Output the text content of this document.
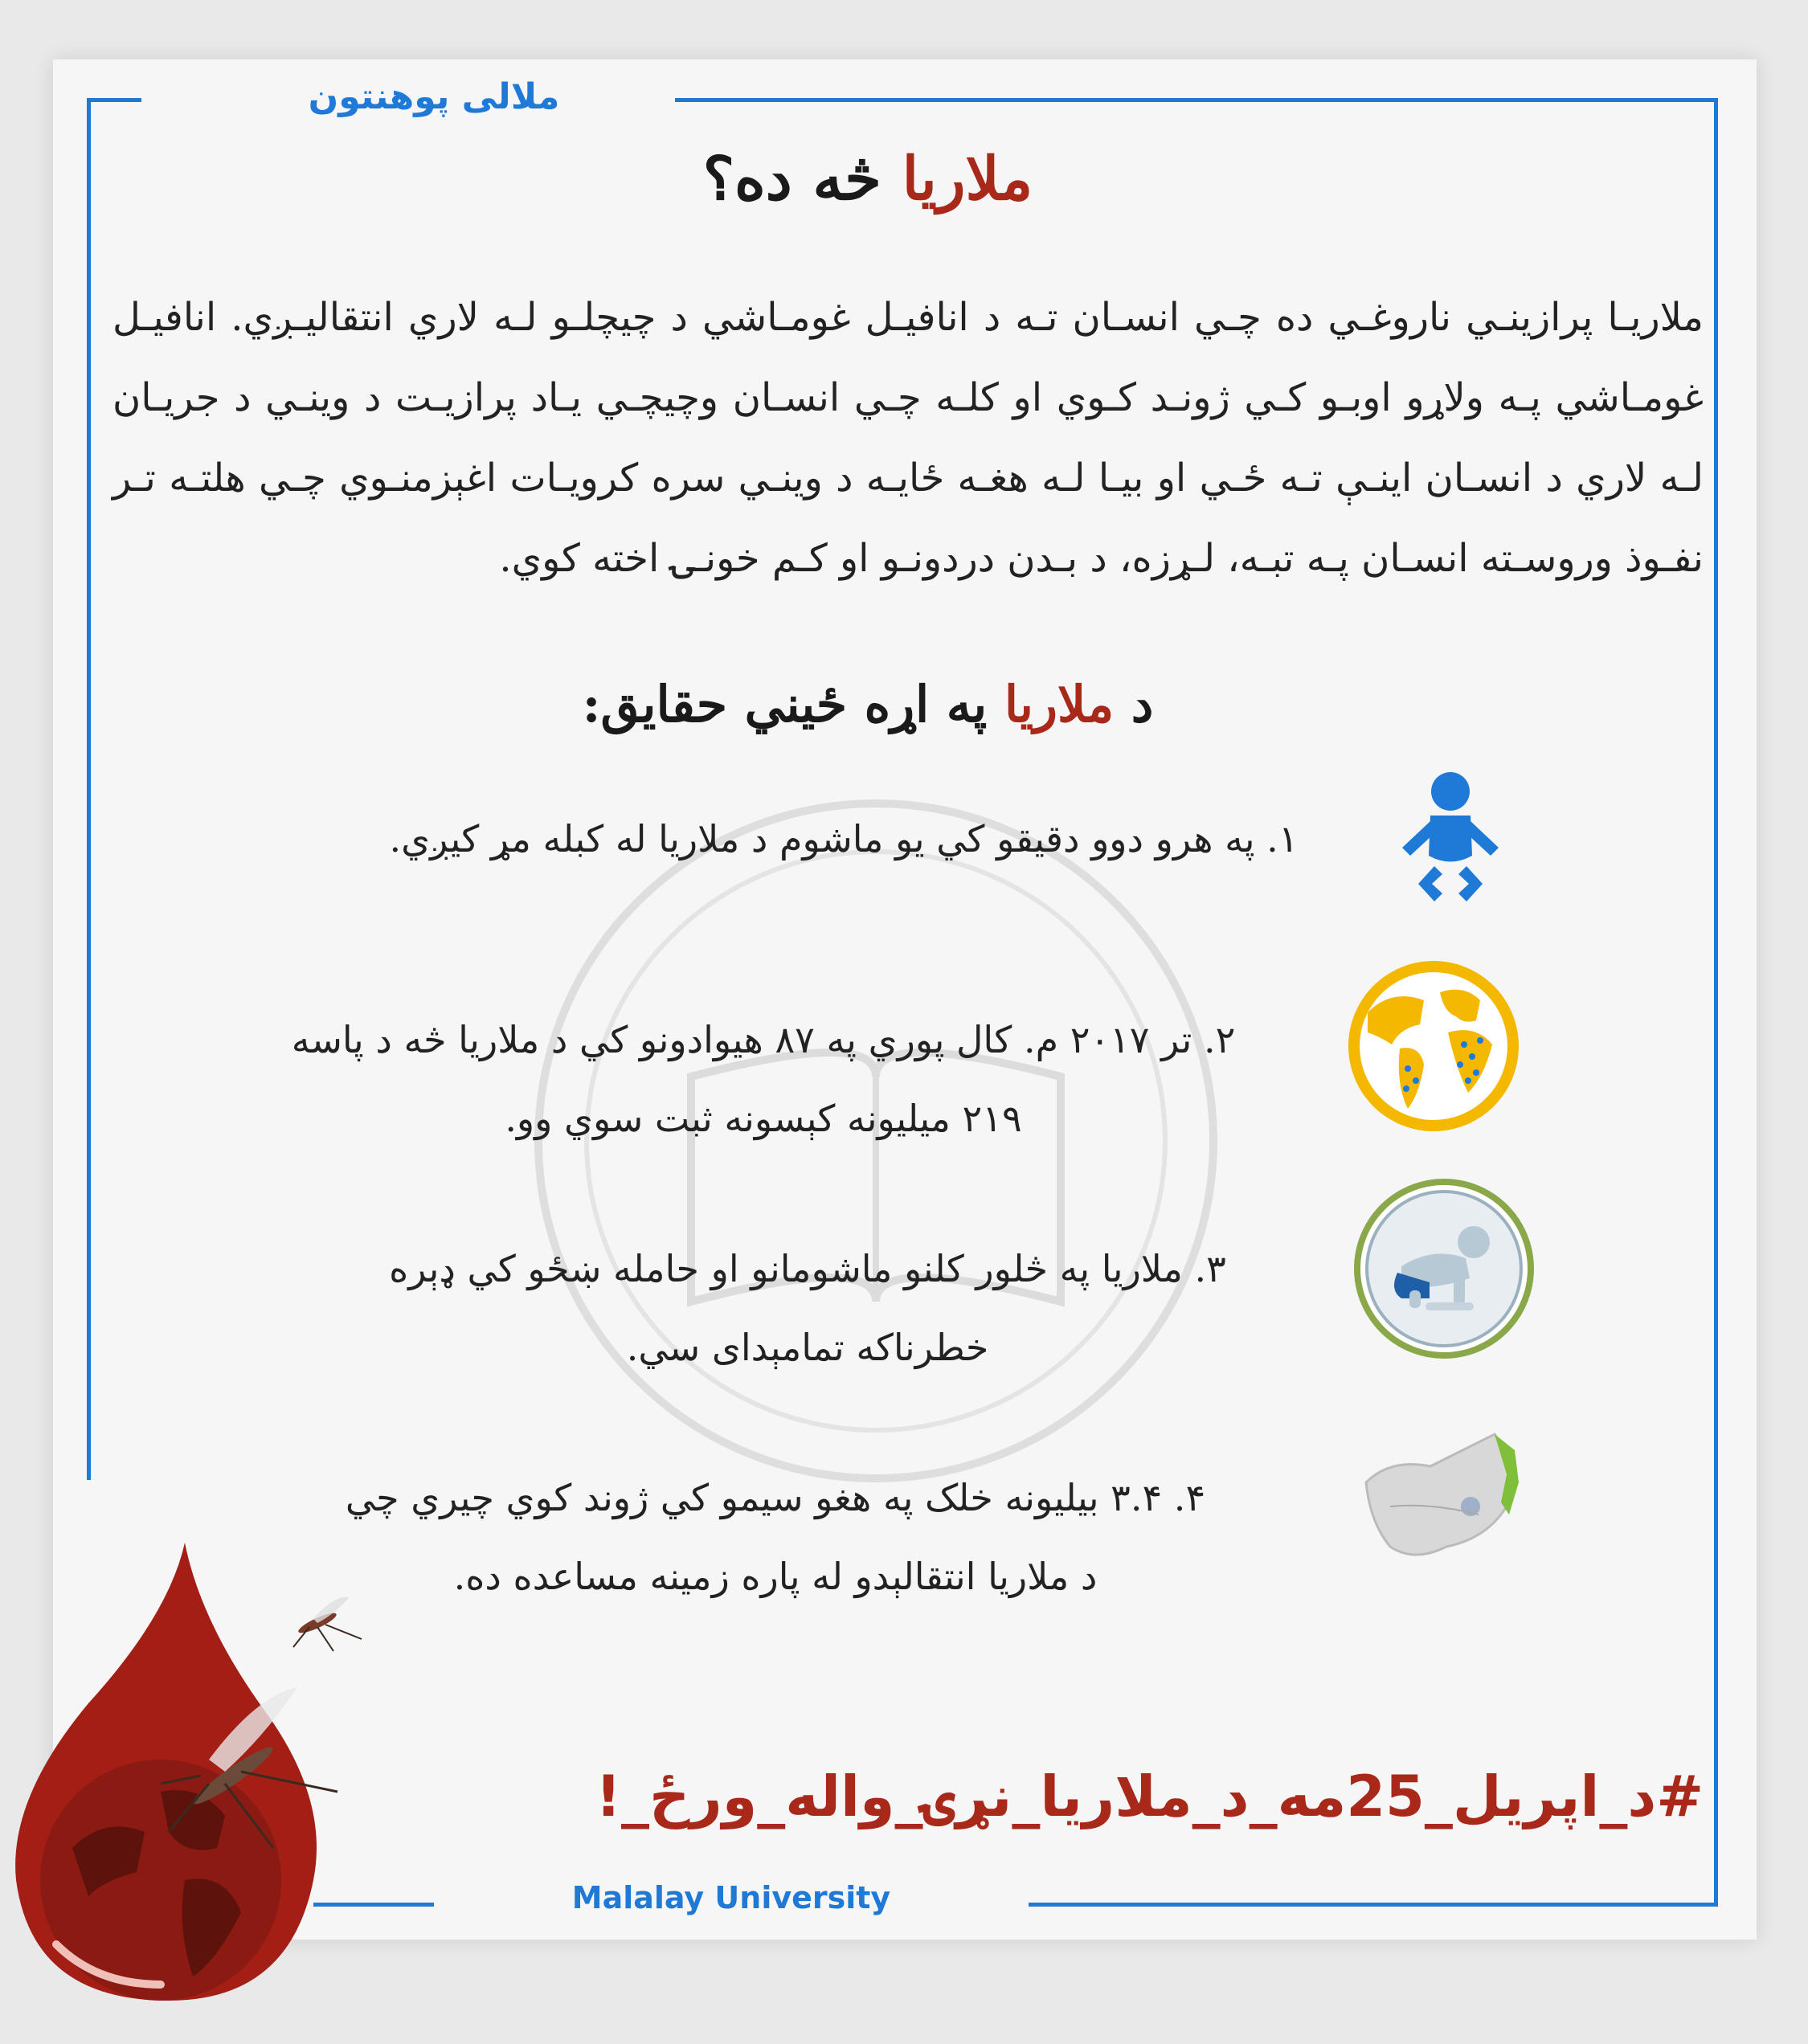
ملالی پوهنتون
ملاریا څه ده؟
ملاریـا پرازینـي ناروغـي ده چـي انسـان تـه د انافیـل غومـاشي د چیچلـو لـه لاري انتقالیـږي. انافیـل غومـاشي پـه ولاړو اوبـو کـي ژونـد کـوي او کلـه چـي انسـان وچیچـي یـاد پرازیـت د وینـي د جریـان لـه لاري د انسـان اینـې تـه ځـي او بیـا لـه هغـه ځایـه د وینـي سره کرویـات اغېزمنـوي چـي هلتـه تـر نفـوذ وروسـته انسـان پـه تبـه، لـړزه، د بـدن دردونـو او کـم خونـۍ اخته کوي.
د ملاریا په اړه ځیني حقایق:
۱. په هرو دوو دقیقو کي یو ماشوم د ملاریا له کبله مړ کیږي.
۲. تر ۲۰۱۷ م. کال پوري په ۸۷ هیوادونو کي د ملاریا څه د پاسه
۲۱۹ میلیونه کېسونه ثبت سوي وو.
۳. ملاریا په څلور کلنو ماشومانو او حامله ښځو کي ډېره
خطرناکه تمامېدای سي.
۴. ۳.۴ بیلیونه خلک په هغو سیمو کي ژوند کوي چیري چي
د ملاریا انتقالېدو له پاره زمینه مساعده ده.
#د_اپریل_25مه_د_ملاریا_نړۍ_واله_ورځ_!
Malalay University
